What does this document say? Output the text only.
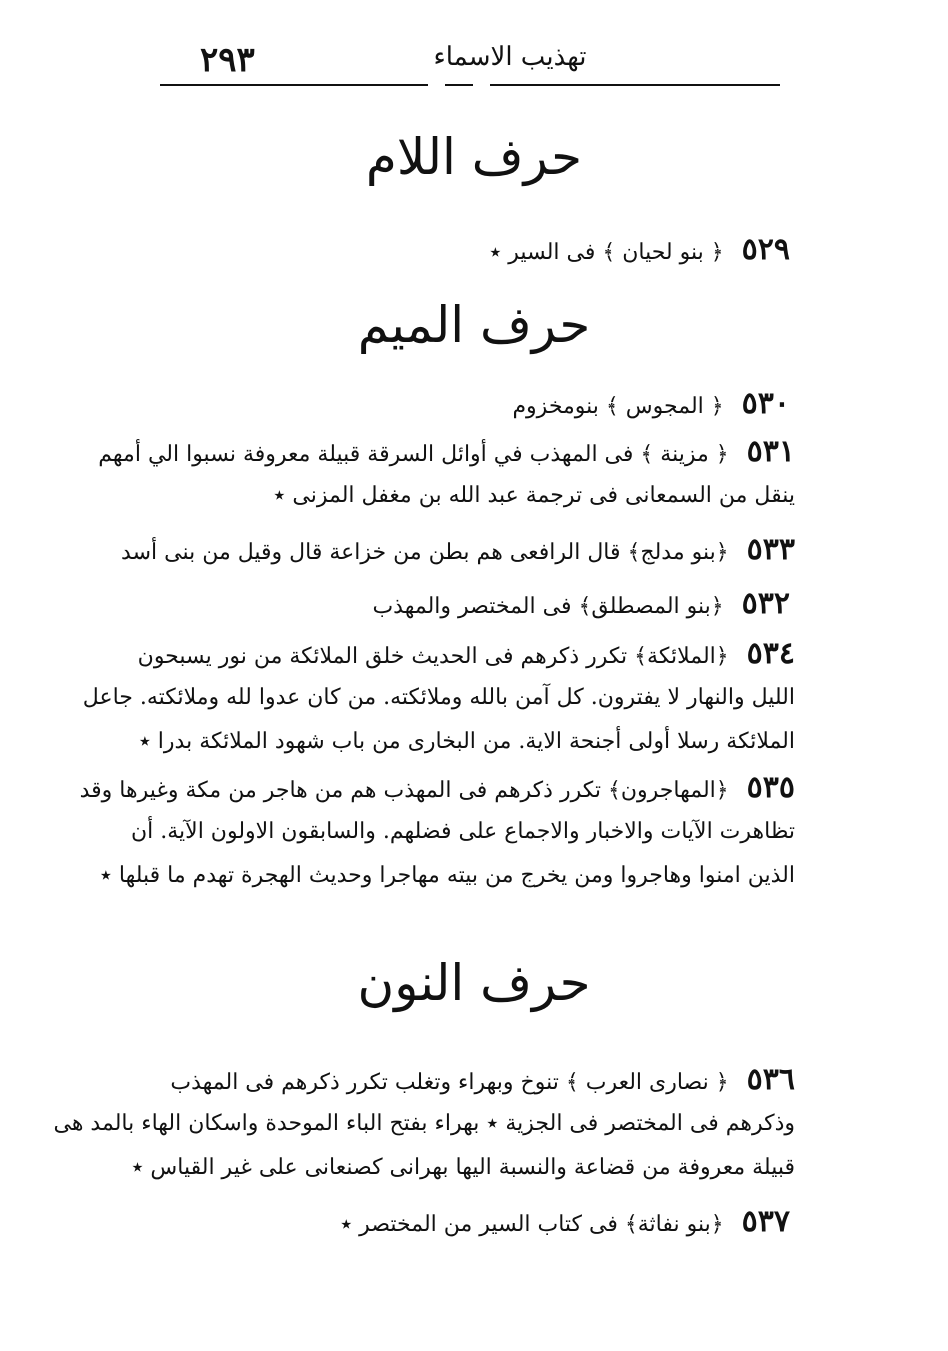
٢٩٣	تهذيب الاسماء
حرف اللام
٥٢٩﴿ بنو لحيان ﴾ فى السير ٭
حرف الميم
٥٣٠﴿ المجوس ﴾ بنومخزوم
٥٣١﴿ مزينة ﴾ فى المهذب في أوائل السرقة قبيلة معروفة نسبوا الي أمهم
ينقل من السمعانى فى ترجمة عبد الله بن مغفل المزنى ٭
٥٣٣﴿بنو مدلج﴾ قال الرافعى هم بطن من خزاعة قال وقيل من بنى أسد
٥٣٢﴿بنو المصطلق﴾ فى المختصر والمهذب
٥٣٤﴿الملائكة﴾ تكرر ذكرهم فى الحديث خلق الملائكة من نور يسبحون
الليل والنهار لا يفترون. كل آمن بالله وملائكته. من كان عدوا لله وملائكته. جاعل
الملائكة رسلا أولى أجنحة الاية. من البخارى من باب شهود الملائكة بدرا ٭
٥٣٥﴿المهاجرون﴾ تكرر ذكرهم فى المهذب هم من هاجر من مكة وغيرها وقد
تظاهرت الآيات والاخبار والاجماع على فضلهم. والسابقون الاولون الآية. أن
الذين امنوا وهاجروا ومن يخرج من بيته مهاجرا وحديث الهجرة تهدم ما قبلها ٭
حرف النون
٥٣٦﴿ نصارى العرب ﴾ تنوخ وبهراء وتغلب تكرر ذكرهم فى المهذب
وذكرهم فى المختصر فى الجزية ٭ بهراء بفتح الباء الموحدة واسكان الهاء بالمد هى
قبيلة معروفة من قضاعة والنسبة اليها بهرانى كصنعانى على غير القياس ٭
٥٣٧﴿بنو نفاثة﴾ فى كتاب السير من المختصر ٭
